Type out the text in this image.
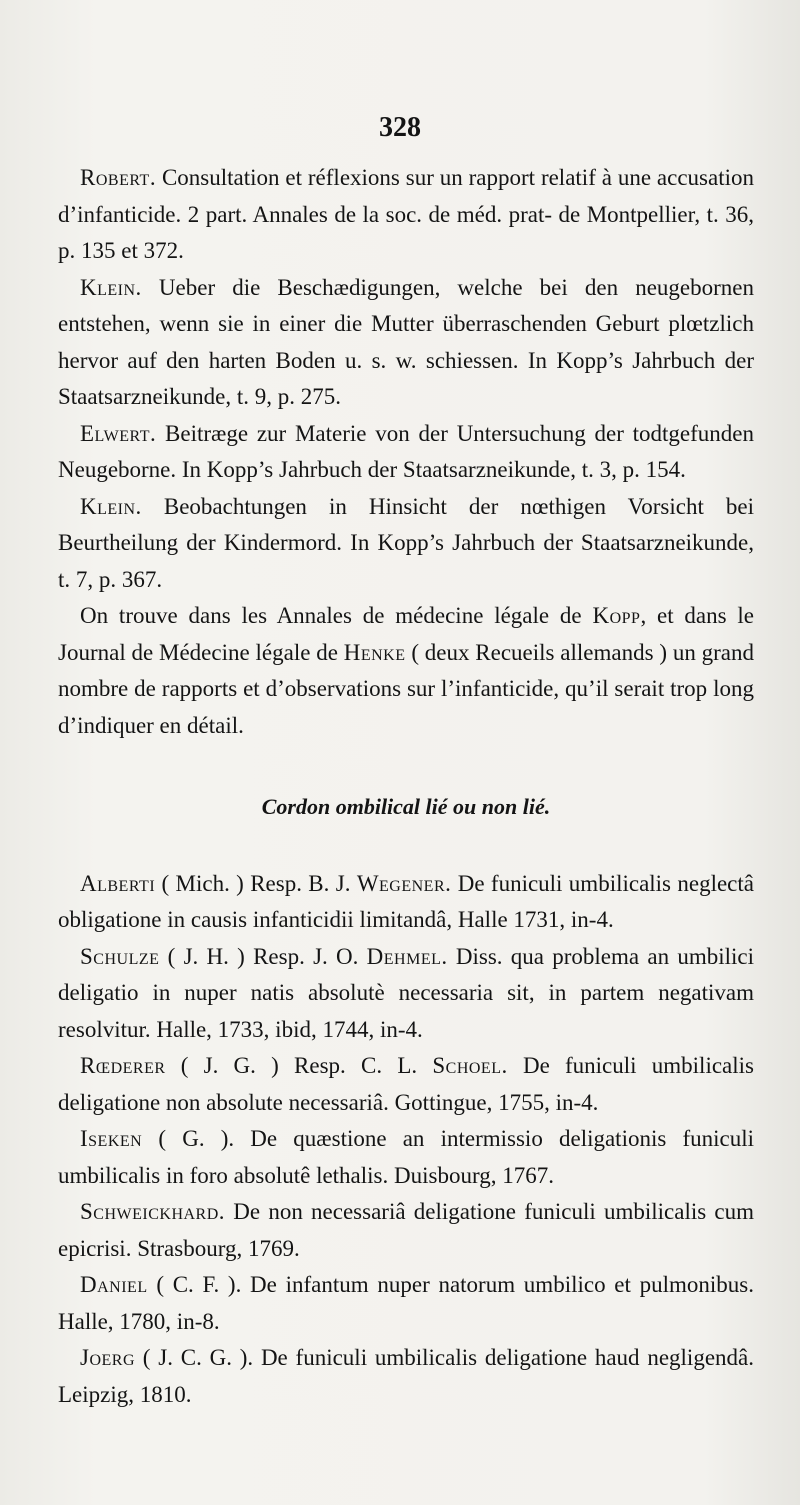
328

Robert. Consultation et réflexions sur un rapport relatif à une accusation d’infanticide. 2 part. Annales de la soc. de méd. prat- de Montpellier, t. 36, p. 135 et 372.

Klein. Ueber die Beschædigungen, welche bei den neugebornen entstehen, wenn sie in einer die Mutter überraschenden Geburt plœtzlich hervor auf den harten Boden u. s. w. schiessen. In Kopp’s Jahrbuch der Staatsarzneikunde, t. 9, p. 275.

Elwert. Beitræge zur Materie von der Untersuchung der todtgefunden Neugeborne. In Kopp’s Jahrbuch der Staatsarzneikunde, t. 3, p. 154.

Klein. Beobachtungen in Hinsicht der nœthigen Vorsicht bei Beurtheilung der Kindermord. In Kopp’s Jahrbuch der Staatsarzneikunde, t. 7, p. 367.

On trouve dans les Annales de médecine légale de Kopp, et dans le Journal de Médecine légale de Henke ( deux Recueils allemands ) un grand nombre de rapports et d’observations sur l’infanticide, qu’il serait trop long d’indiquer en détail.

Cordon ombilical lié ou non lié.

Alberti ( Mich. ) Resp. B. J. Wegener. De funiculi umbilicalis neglectâ obligatione in causis infanticidii limitandâ, Halle 1731, in-4.

Schulze ( J. H. ) Resp. J. O. Dehmel. Diss. qua problema an umbilici deligatio in nuper natis absolutè necessaria sit, in partem negativam resolvitur. Halle, 1733, ibid, 1744, in-4.

Rœderer ( J. G. ) Resp. C. L. Schoel. De funiculi umbilicalis deligatione non absolute necessariâ. Gottingue, 1755, in-4.

Iseken ( G. ). De quæstione an intermissio deligationis funiculi umbilicalis in foro absolutê lethalis. Duisbourg, 1767.

Schweickhard. De non necessariâ deligatione funiculi umbilicalis cum epicrisi. Strasbourg, 1769.

Daniel ( C. F. ). De infantum nuper natorum umbilico et pulmonibus. Halle, 1780, in-8.

Joerg ( J. C. G. ). De funiculi umbilicalis deligatione haud negligendâ. Leipzig, 1810.
